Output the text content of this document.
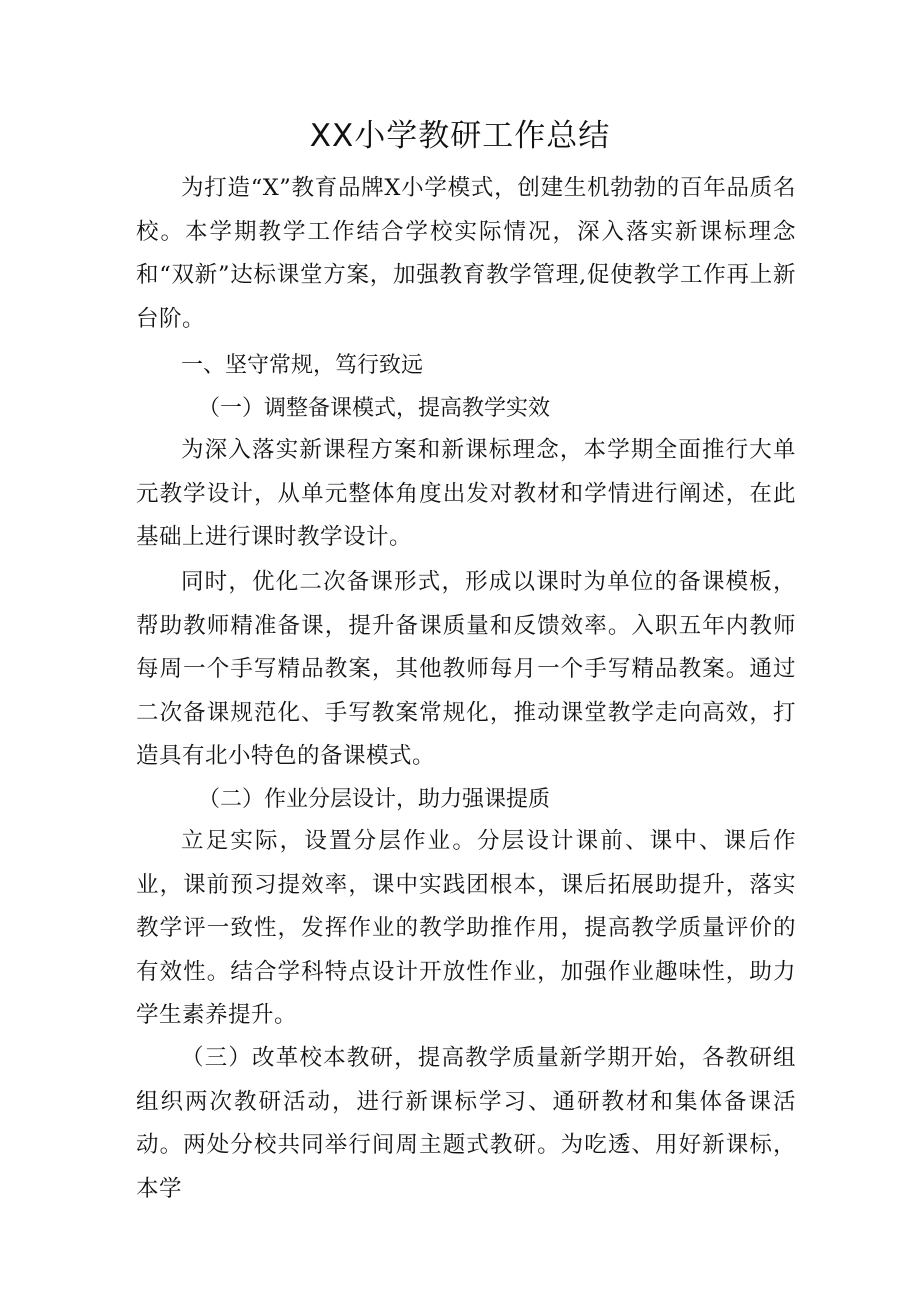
XX小学教研工作总结

为打造“X”教育品牌X小学模式，创建生机勃勃的百年品质名校。本学期教学工作结合学校实际情况，深入落实新课标理念和“双新”达标课堂方案，加强教育教学管理,促使教学工作再上新台阶。

一、坚守常规，笃行致远
（一）调整备课模式，提高教学实效

为深入落实新课程方案和新课标理念，本学期全面推行大单元教学设计，从单元整体角度出发对教材和学情进行阐述，在此基础上进行课时教学设计。

同时，优化二次备课形式，形成以课时为单位的备课模板，帮助教师精准备课，提升备课质量和反馈效率。入职五年内教师每周一个手写精品教案，其他教师每月一个手写精品教案。通过二次备课规范化、手写教案常规化，推动课堂教学走向高效，打造具有北小特色的备课模式。

（二）作业分层设计，助力强课提质

立足实际，设置分层作业。分层设计课前、课中、课后作业，课前预习提效率，课中实践团根本，课后拓展助提升，落实教学评一致性，发挥作业的教学助推作用，提高教学质量评价的有效性。结合学科特点设计开放性作业，加强作业趣味性，助力学生素养提升。

（三）改革校本教研，提高教学质量新学期开始，各教研组组织两次教研活动，进行新课标学习、通研教材和集体备课活动。两处分校共同举行间周主题式教研。为吃透、用好新课标，本学
